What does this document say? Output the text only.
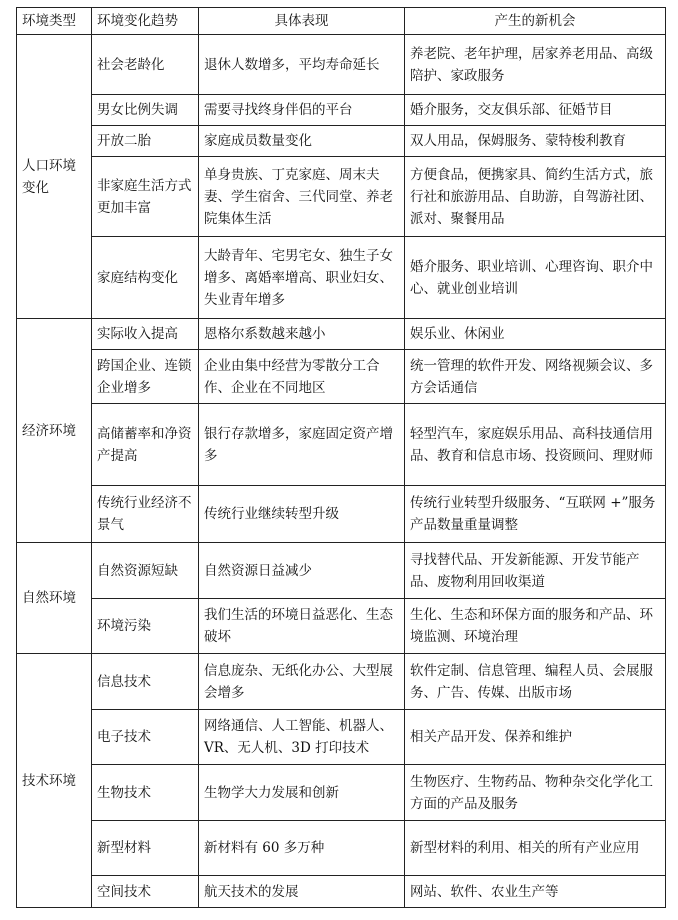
环境类型	环境变化趋势	具体表现	产生的新机会
人口环境变化	社会老龄化	退休人数增多，平均寿命延长	养老院、老年护理，居家养老用品、高级陪护、家政服务
	男女比例失调	需要寻找终身伴侣的平台	婚介服务，交友俱乐部、征婚节目
	开放二胎	家庭成员数量变化	双人用品，保姆服务、蒙特梭利教育
	非家庭生活方式更加丰富	单身贵族、丁克家庭、周末夫妻、学生宿舍、三代同堂、养老院集体生活	方便食品，便携家具、简约生活方式，旅行社和旅游用品、自助游，自驾游社团、派对、聚餐用品
	家庭结构变化	大龄青年、宅男宅女、独生子女增多、离婚率增高、职业妇女、失业青年增多	婚介服务、职业培训、心理咨询、职介中心、就业创业培训
经济环境	实际收入提高	恩格尔系数越来越小	娱乐业、休闲业
	跨国企业、连锁企业增多	企业由集中经营为零散分工合作、企业在不同地区	统一管理的软件开发、网络视频会议、多方会话通信
	高储蓄率和净资产提高	银行存款增多，家庭固定资产增多	轻型汽车，家庭娱乐用品、高科技通信用品、教育和信息市场、投资顾问、理财师
	传统行业经济不景气	传统行业继续转型升级	传统行业转型升级服务、“互联网 +”服务产品数量重量调整
自然环境	自然资源短缺	自然资源日益减少	寻找替代品、开发新能源、开发节能产品、废物利用回收渠道
	环境污染	我们生活的环境日益恶化、生态破坏	生化、生态和环保方面的服务和产品、环境监测、环境治理
技术环境	信息技术	信息庞杂、无纸化办公、大型展会增多	软件定制、信息管理、编程人员、会展服务、广告、传媒、出版市场
	电子技术	网络通信、人工智能、机器人、VR、无人机、3D 打印技术	相关产品开发、保养和维护
	生物技术	生物学大力发展和创新	生物医疗、生物药品、物种杂交化学化工方面的产品及服务
	新型材料	新材料有 60 多万种	新型材料的利用、相关的所有产业应用
	空间技术	航天技术的发展	网站、软件、农业生产等
